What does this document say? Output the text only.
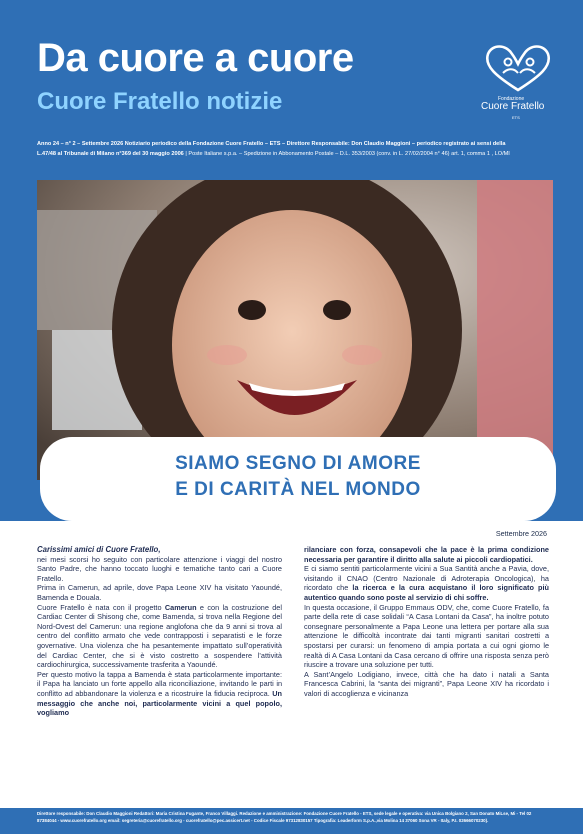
Da cuore a cuore
Cuore Fratello notizie	Fondazione
Cuore Fratello
ETS
Anno 24 – n° 2 – Settembre 2026 Notiziario periodico della Fondazione Cuore Fratello – ETS – Direttore Responsabile: Don Claudio Maggioni – periodico registrato ai sensi della
L.47/48 al Tribunale di Milano n°369 del 30 maggio 2006 | Poste Italiane s.p.a. – Spedizione in Abbonamento Postale – D.L. 353/2003 (conv. in L. 27/02/2004 n° 46) art. 1, comma 1 , LO/MI
SIAMO SEGNO DI AMORE
E DI CARITÀ NEL MONDO
Settembre 2026

Carissimi amici di Cuore Fratello,

nei mesi scorsi ho seguito con particolare attenzione i viaggi del nostro Santo Padre, che hanno toccato luoghi e tematiche tanto cari a Cuore Fratello.

Prima in Camerun, ad aprile, dove Papa Leone XIV ha visitato Yaoundé, Bamenda e Douala.

Cuore Fratello è nata con il progetto Camerun e con la costruzione del Cardiac Center di Shisong che, come Bamenda, si trova nella Regione del Nord-Ovest del Camerun: una regione anglofona che da 9 anni si trova al centro del conflitto armato che vede contrapposti i separatisti e le forze governative. Una violenza che ha pesantemente impattato sull’operatività del Cardiac Center, che si è visto costretto a sospendere l’attività cardiochirurgica, successivamente trasferita a Yaoundé.

Per questo motivo la tappa a Bamenda è stata particolarmente importante: il Papa ha lanciato un forte appello alla riconciliazione, invitando le parti in conflitto ad abbandonare la violenza e a ricostruire la fiducia reciproca. Un messaggio che anche noi, particolarmente vicini a quel popolo, vogliamo

rilanciare con forza, consapevoli che la pace è la prima condizione necessaria per garantire il diritto alla salute ai piccoli cardiopatici.

E ci siamo sentiti particolarmente vicini a Sua Santità anche a Pavia, dove, visitando il CNAO (Centro Nazionale di Adroterapia Oncologica), ha ricordato che la ricerca e la cura acquistano il loro significato più autentico quando sono poste al servizio di chi soffre.

In questa occasione, il Gruppo Emmaus ODV, che, come Cuore Fratello, fa parte della rete di case solidali “A Casa Lontani da Casa”, ha inoltre potuto consegnare personalmente a Papa Leone una lettera per portare alla sua attenzione le difficoltà incontrate dai tanti migranti sanitari costretti a spostarsi per curarsi: un fenomeno di ampia portata a cui ogni giorno le realtà di A Casa Lontani da Casa cercano di offrire una risposta senza però riuscire a trovare una soluzione per tutti.

A Sant’Angelo Lodigiano, invece, città che ha dato i natali a Santa Francesca Cabrini, la “santa dei migranti”, Papa Leone XIV ha ricordato i valori di accoglienza e vicinanza

Direttore responsabile: Don Claudio Maggioni Redattori: Maria Cristina Fugante, Franco Villaggi. Redazione e amministrazione: Fondazione Cuore Fratello - ETS, sede legale e operativa: via Unica Bolgiano 2, San Donato MiLse, Mi - Tel 02 87384044 - www.cuorefratello.org email: segreteria@cuorefratello.org - cuorefratello@pec.assicert.net - Codice Fiscale 97312830157 Tipografia: Leaderform S.p.A.,via Molina 14 37060 Sona VR - Italy, P.I. 02666070230).
